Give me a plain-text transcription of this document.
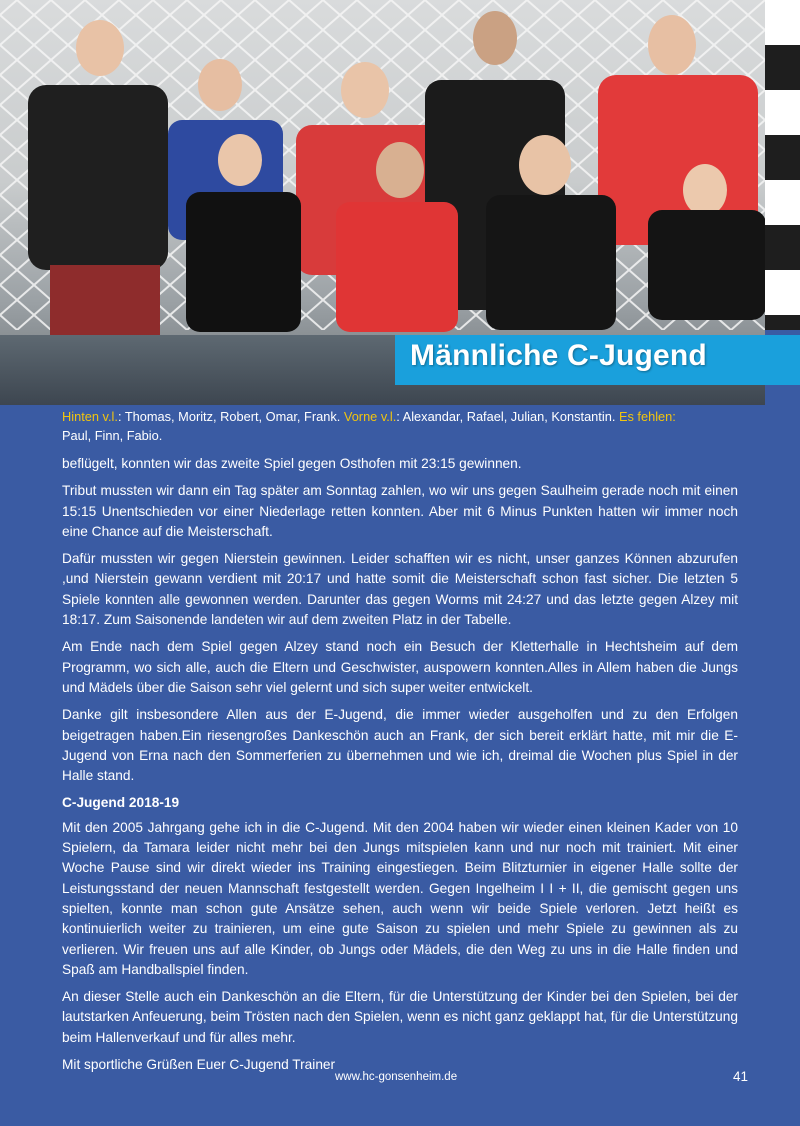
Männliche C-Jugend
Hinten v.l.: Thomas, Moritz, Robert, Omar, Frank. Vorne v.l.: Alexandar, Rafael, Julian, Konstantin. Es fehlen:
Paul, Finn, Fabio.

beflügelt, konnten wir das zweite Spiel gegen Osthofen mit 23:15 gewinnen.

Tribut mussten wir dann ein Tag später am Sonntag zahlen, wo wir uns gegen Saulheim gerade noch mit einen 15:15 Unentschieden vor einer Niederlage retten konnten. Aber mit 6 Minus Punkten hatten wir immer noch eine Chance auf die Meisterschaft.

Dafür mussten wir gegen Nierstein gewinnen. Leider schafften wir es nicht, unser ganzes Können abzurufen ,und Nierstein gewann verdient mit 20:17 und hatte somit die Meisterschaft schon fast sicher. Die letzten 5 Spiele konnten alle gewonnen werden. Darunter das gegen Worms mit 24:27 und das letzte gegen Alzey mit 18:17. Zum Saisonende landeten wir auf dem zweiten Platz in der Tabelle.

Am Ende nach dem Spiel gegen Alzey stand noch ein Besuch der Kletterhalle in Hechtsheim auf dem Programm, wo sich alle, auch die Eltern und Geschwister, auspowern konnten.Alles in Allem haben die Jungs und Mädels über die Saison sehr viel gelernt und sich super weiter entwickelt.

Danke gilt insbesondere Allen aus der E-Jugend, die immer wieder ausgeholfen und zu den Erfolgen beigetragen haben.Ein riesengroßes Dankeschön auch an Frank, der sich bereit erklärt hatte, mit mir die E-Jugend von Erna nach den Sommerferien zu übernehmen und wie ich, dreimal die Wochen plus Spiel in der Halle stand.

C-Jugend 2018-19

Mit den 2005 Jahrgang gehe ich in die C-Jugend. Mit den 2004 haben wir wieder einen kleinen Kader von 10 Spielern, da Tamara leider nicht mehr bei den Jungs mitspielen kann und nur noch mit trainiert. Mit einer Woche Pause sind wir direkt wieder ins Training eingestiegen. Beim Blitzturnier in eigener Halle sollte der Leistungsstand der neuen Mannschaft festgestellt werden. Gegen Ingelheim I I + II, die gemischt gegen uns spielten, konnte man schon gute Ansätze sehen, auch wenn wir beide Spiele verloren. Jetzt heißt es kontinuierlich weiter zu trainieren, um eine gute Saison zu spielen und mehr Spiele zu gewinnen als zu verlieren. Wir freuen uns auf alle Kinder, ob Jungs oder Mädels, die den Weg zu uns in die Halle finden und Spaß am Handballspiel finden.

An dieser Stelle auch ein Dankeschön an die Eltern, für die Unterstützung der Kinder bei den Spielen, bei der lautstarken Anfeuerung, beim Trösten nach den Spielen, wenn es nicht ganz geklappt hat, für die Unterstützung beim Hallenverkauf und für alles mehr.

Mit sportliche Grüßen Euer C-Jugend Trainer

www.hc-gonsenheim.de	41
